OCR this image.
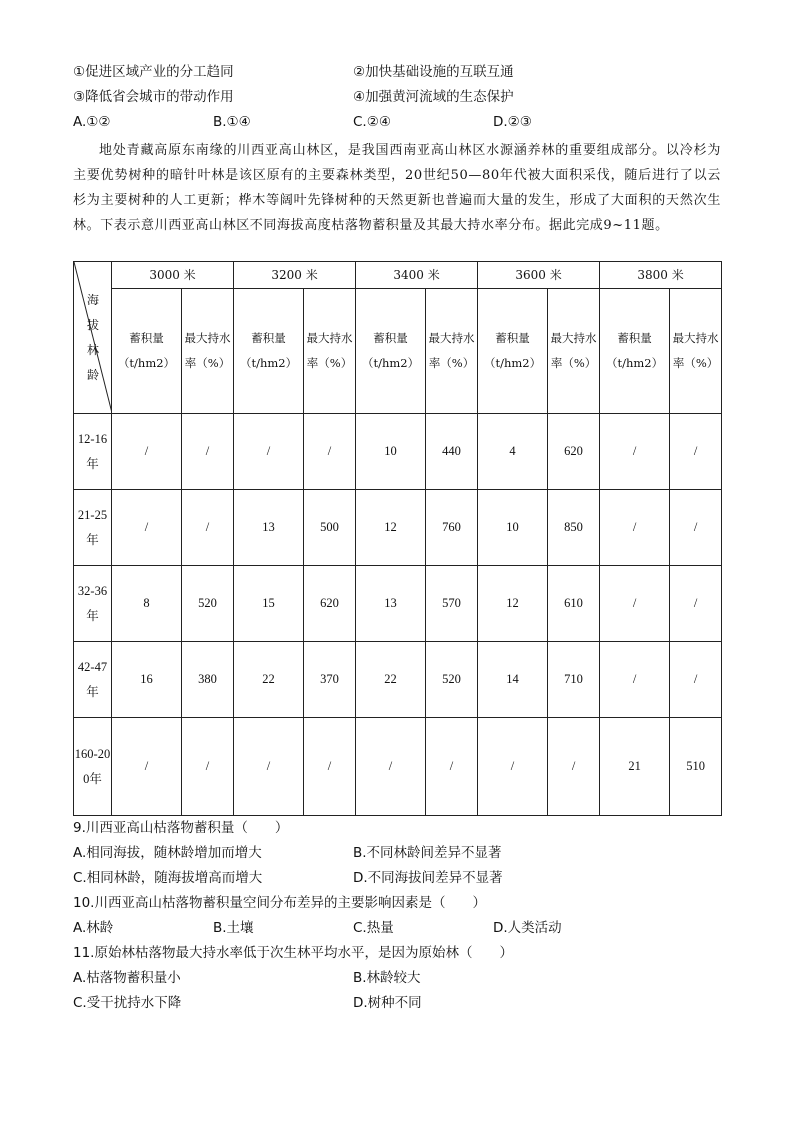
①促进区域产业的分工趋同	②加快基础设施的互联互通
③降低省会城市的带动作用	④加强黄河流域的生态保护
A.①②	B.①④	C.②④	D.②③
地处青藏高原东南缘的川西亚高山林区，是我国西南亚高山林区水源涵养林的重要组成部分。以冷杉为主要优势树种的暗针叶林是该区原有的主要森林类型，20世纪50—80年代被大面积采伐，随后进行了以云杉为主要树种的人工更新；桦木等阔叶先锋树种的天然更新也普遍而大量的发生，形成了大面积的天然次生林。下表示意川西亚高山林区不同海拔高度枯落物蓄积量及其最大持水率分布。据此完成9~11题。
海拔林龄	3000 米		3200 米		3400 米		3600 米		3800 米	
	蓄积量（t/hm2）	最大持水率（%）	蓄积量（t/hm2）	最大持水率（%）	蓄积量（t/hm2）	最大持水率（%）	蓄积量（t/hm2）	最大持水率（%）	蓄积量（t/hm2）	最大持水率（%）
12-16年	/	/	/	/	10	440	4	620	/	/
21-25年	/	/	13	500	12	760	10	850	/	/
32-36年	8	520	15	620	13	570	12	610	/	/
42-47年	16	380	22	370	22	520	14	710	/	/
160-200年	/	/	/	/	/	/	/	/	21	510
9.川西亚高山枯落物蓄积量（　　）
A.相同海拔，随林龄增加而增大	B.不同林龄间差异不显著
C.相同林龄，随海拔增高而增大	D.不同海拔间差异不显著
10.川西亚高山枯落物蓄积量空间分布差异的主要影响因素是（　　）
A.林龄	B.土壤	C.热量	D.人类活动
11.原始林枯落物最大持水率低于次生林平均水平，是因为原始林（　　）
A.枯落物蓄积量小	B.林龄较大
C.受干扰持水下降	D.树种不同
